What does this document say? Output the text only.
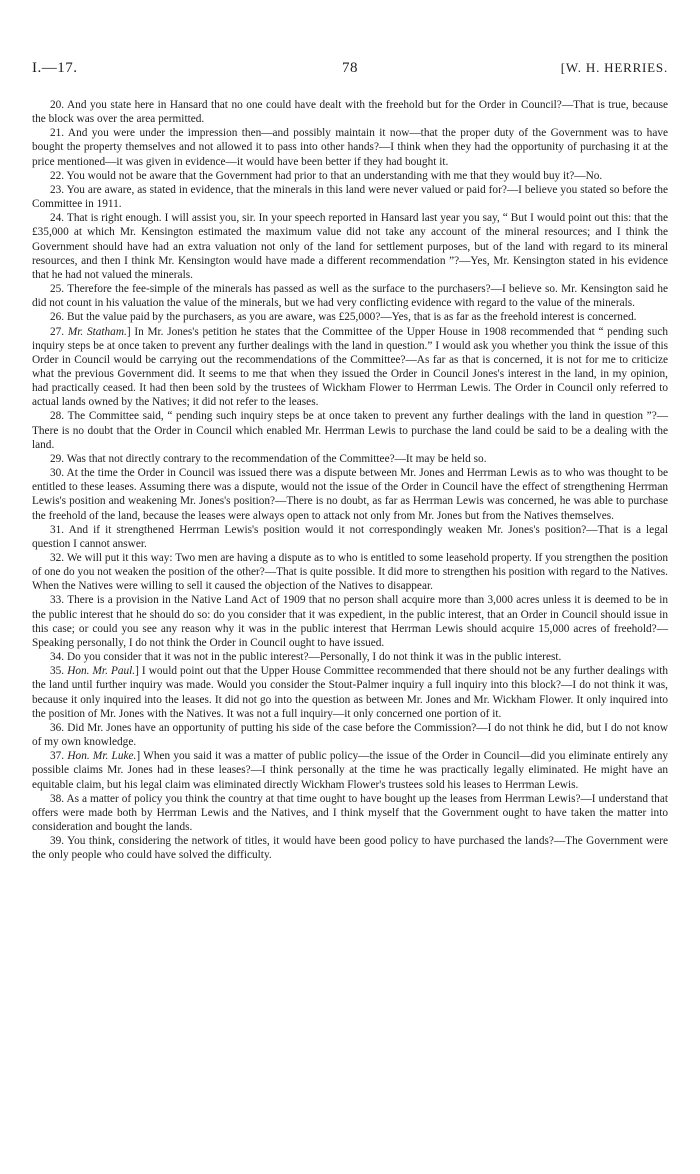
I.—17.	78	[W. H. HERRIES.

20. And you state here in Hansard that no one could have dealt with the freehold but for the Order in Council?—That is true, because the block was over the area permitted.

21. And you were under the impression then—and possibly maintain it now—that the proper duty of the Government was to have bought the property themselves and not allowed it to pass into other hands?—I think when they had the opportunity of purchasing it at the price mentioned—it was given in evidence—it would have been better if they had bought it.

22. You would not be aware that the Government had prior to that an understanding with me that they would buy it?—No.

23. You are aware, as stated in evidence, that the minerals in this land were never valued or paid for?—I believe you stated so before the Committee in 1911.

24. That is right enough. I will assist you, sir. In your speech reported in Hansard last year you say, “ But I would point out this: that the £35,000 at which Mr. Kensington estimated the maximum value did not take any account of the mineral resources; and I think the Government should have had an extra valuation not only of the land for settlement purposes, but of the land with regard to its mineral resources, and then I think Mr. Kensington would have made a different recommendation ”?—Yes, Mr. Kensington stated in his evidence that he had not valued the minerals.

25. Therefore the fee-simple of the minerals has passed as well as the surface to the purchasers?—I believe so. Mr. Kensington said he did not count in his valuation the value of the minerals, but we had very conflicting evidence with regard to the value of the minerals.

26. But the value paid by the purchasers, as you are aware, was £25,000?—Yes, that is as far as the freehold interest is concerned.

27. Mr. Statham.] In Mr. Jones's petition he states that the Committee of the Upper House in 1908 recommended that “ pending such inquiry steps be at once taken to prevent any further dealings with the land in question.” I would ask you whether you think the issue of this Order in Council would be carrying out the recommendations of the Committee?—As far as that is concerned, it is not for me to criticize what the previous Government did. It seems to me that when they issued the Order in Council Jones's interest in the land, in my opinion, had practically ceased. It had then been sold by the trustees of Wickham Flower to Herrman Lewis. The Order in Council only referred to actual lands owned by the Natives; it did not refer to the leases.

28. The Committee said, “ pending such inquiry steps be at once taken to prevent any further dealings with the land in question ”?—There is no doubt that the Order in Council which enabled Mr. Herrman Lewis to purchase the land could be said to be a dealing with the land.

29. Was that not directly contrary to the recommendation of the Committee?—It may be held so.

30. At the time the Order in Council was issued there was a dispute between Mr. Jones and Herrman Lewis as to who was thought to be entitled to these leases. Assuming there was a dispute, would not the issue of the Order in Council have the effect of strengthening Herrman Lewis's position and weakening Mr. Jones's position?—There is no doubt, as far as Herrman Lewis was concerned, he was able to purchase the freehold of the land, because the leases were always open to attack not only from Mr. Jones but from the Natives themselves.

31. And if it strengthened Herrman Lewis's position would it not correspondingly weaken Mr. Jones's position?—That is a legal question I cannot answer.

32. We will put it this way: Two men are having a dispute as to who is entitled to some leasehold property. If you strengthen the position of one do you not weaken the position of the other?—That is quite possible. It did more to strengthen his position with regard to the Natives. When the Natives were willing to sell it caused the objection of the Natives to disappear.

33. There is a provision in the Native Land Act of 1909 that no person shall acquire more than 3,000 acres unless it is deemed to be in the public interest that he should do so: do you consider that it was expedient, in the public interest, that an Order in Council should issue in this case; or could you see any reason why it was in the public interest that Herrman Lewis should acquire 15,000 acres of freehold?—Speaking personally, I do not think the Order in Council ought to have issued.

34. Do you consider that it was not in the public interest?—Personally, I do not think it was in the public interest.

35. Hon. Mr. Paul.] I would point out that the Upper House Committee recommended that there should not be any further dealings with the land until further inquiry was made. Would you consider the Stout-Palmer inquiry a full inquiry into this block?—I do not think it was, because it only inquired into the leases. It did not go into the question as between Mr. Jones and Mr. Wickham Flower. It only inquired into the position of Mr. Jones with the Natives. It was not a full inquiry—it only concerned one portion of it.

36. Did Mr. Jones have an opportunity of putting his side of the case before the Commission?—I do not think he did, but I do not know of my own knowledge.

37. Hon. Mr. Luke.] When you said it was a matter of public policy—the issue of the Order in Council—did you eliminate entirely any possible claims Mr. Jones had in these leases?—I think personally at the time he was practically legally eliminated. He might have an equitable claim, but his legal claim was eliminated directly Wickham Flower's trustees sold his leases to Herrman Lewis.

38. As a matter of policy you think the country at that time ought to have bought up the leases from Herrman Lewis?—I understand that offers were made both by Herrman Lewis and the Natives, and I think myself that the Government ought to have taken the matter into consideration and bought the lands.

39. You think, considering the network of titles, it would have been good policy to have purchased the lands?—The Government were the only people who could have solved the difficulty.
